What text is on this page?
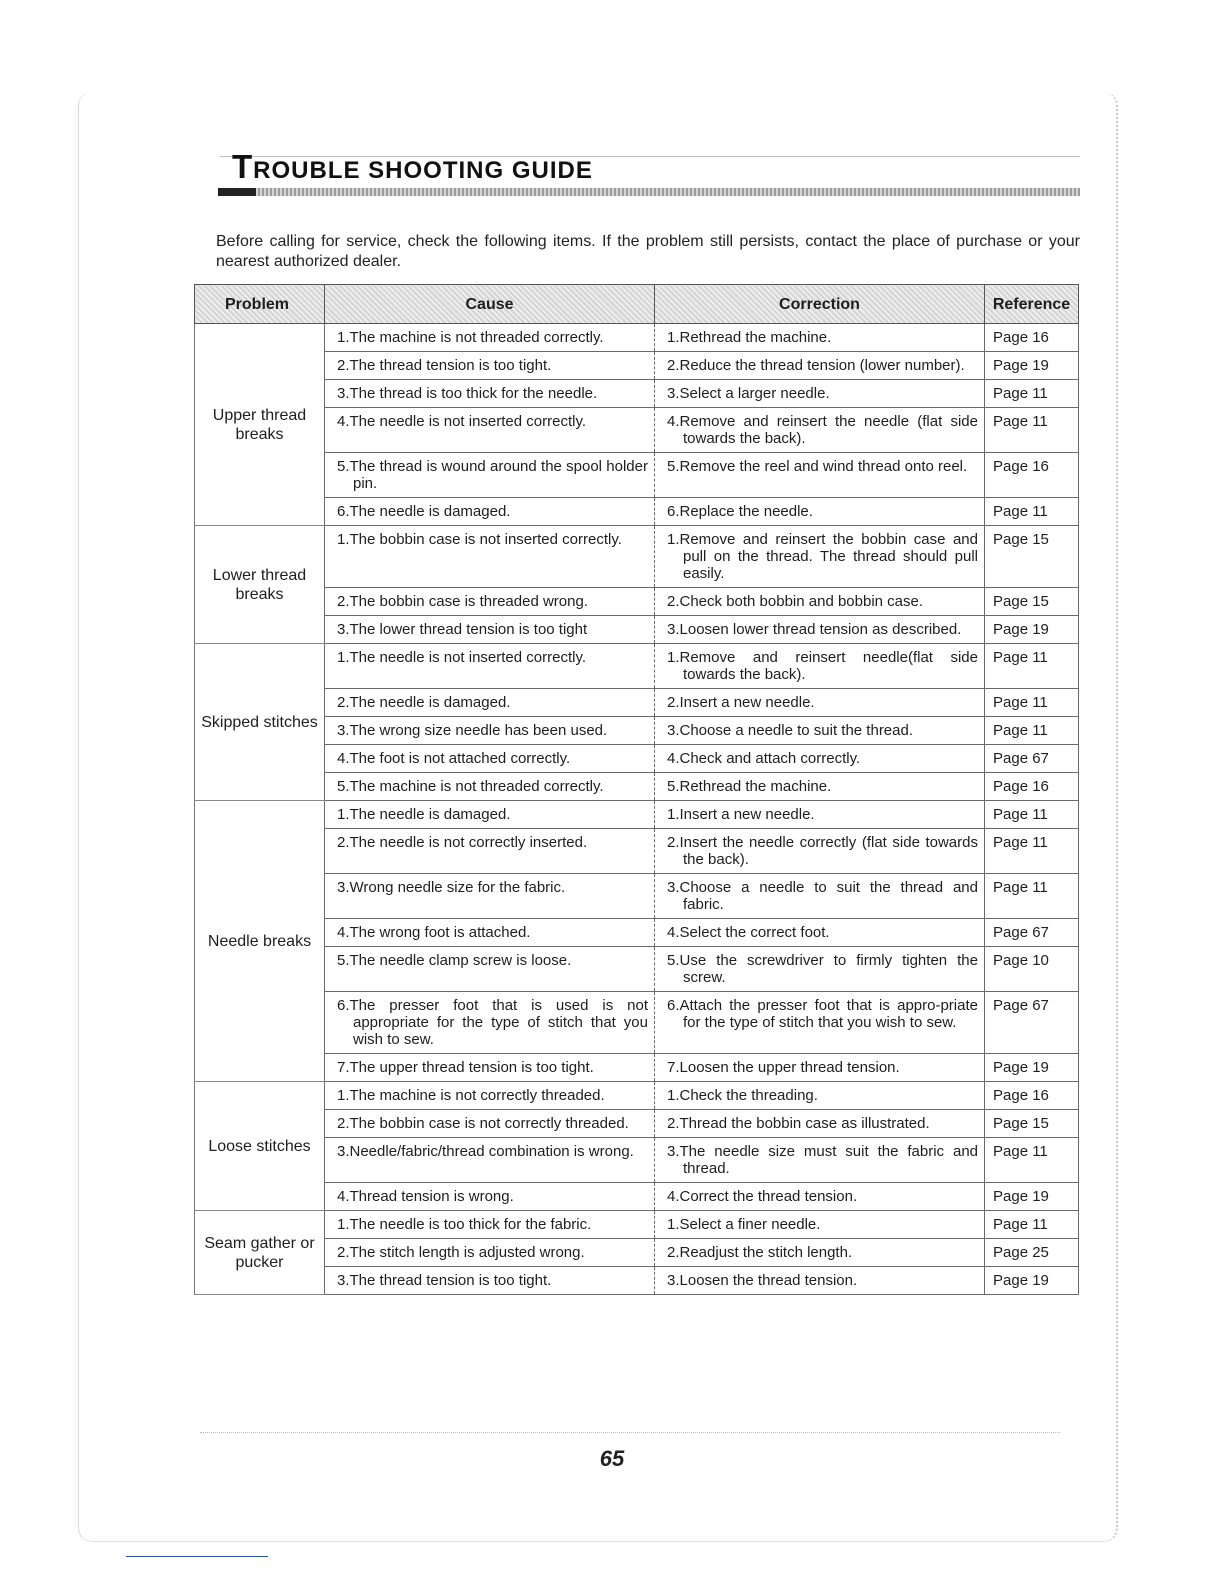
TROUBLE SHOOTING GUIDE
Before calling for service, check the following items. If the problem still persists, contact the place of purchase or your nearest authorized dealer.
Problem	Cause	Correction	Reference
Upper thread breaks	1.The machine is not threaded correctly.	1.Rethread the machine.	Page 16

	2.The thread tension is too tight.	2.Reduce the thread tension (lower number).	Page 19

	3.The thread is too thick for the needle.	3.Select a larger needle.	Page 11

	4.The needle is not inserted correctly.	4.Remove and reinsert the needle (flat side towards the back).	Page 11

	5.The thread is wound around the spool holder pin.	5.Remove the reel and wind thread onto reel.	Page 16

	6.The needle is damaged.	6.Replace the needle.	Page 11
Lower thread breaks	1.The bobbin case is not inserted correctly.	1.Remove and reinsert the bobbin case and pull on the thread. The thread should pull easily.	Page 15

	2.The bobbin case is threaded wrong.	2.Check both bobbin and bobbin case.	Page 15

	3.The lower thread tension is too tight	3.Loosen lower thread tension as described.	Page 19
Skipped stitches	1.The needle is not inserted correctly.	1.Remove and reinsert needle(flat side towards the back).	Page 11

	2.The needle is damaged.	2.Insert a new needle.	Page 11

	3.The wrong size needle has been used.	3.Choose a needle to suit the thread.	Page 11

	4.The foot is not attached correctly.	4.Check and attach correctly.	Page 67

	5.The machine is not threaded correctly.	5.Rethread the machine.	Page 16
Needle breaks	1.The needle is damaged.	1.Insert a new needle.	Page 11

	2.The needle is not correctly inserted.	2.Insert the needle correctly (flat side towards the back).	Page 11

	3.Wrong needle size for the fabric.	3.Choose a needle to suit the thread and fabric.	Page 11

	4.The wrong foot is attached.	4.Select the correct foot.	Page 67

	5.The needle clamp screw is loose.	5.Use the screwdriver to firmly tighten the screw.	Page 10

	6.The presser foot that is used is not appropriate for the type of stitch that you wish to sew.	6.Attach the presser foot that is appro-priate for the type of stitch that you wish to sew.	Page 67

	7.The upper thread tension is too tight.	7.Loosen the upper thread tension.	Page 19
Loose stitches	1.The machine is not correctly threaded.	1.Check the threading.	Page 16

	2.The bobbin case is not correctly threaded.	2.Thread the bobbin case as illustrated.	Page 15

	3.Needle/fabric/thread combination is wrong.	3.The needle size must suit the fabric and thread.	Page 11

	4.Thread tension is wrong.	4.Correct the thread tension.	Page 19
Seam gather or pucker	1.The needle is too thick for the fabric.	1.Select a finer needle.	Page 11

	2.The stitch length is adjusted wrong.	2.Readjust the stitch length.	Page 25

	3.The thread tension is too tight.	3.Loosen the thread tension.	Page 19
65
